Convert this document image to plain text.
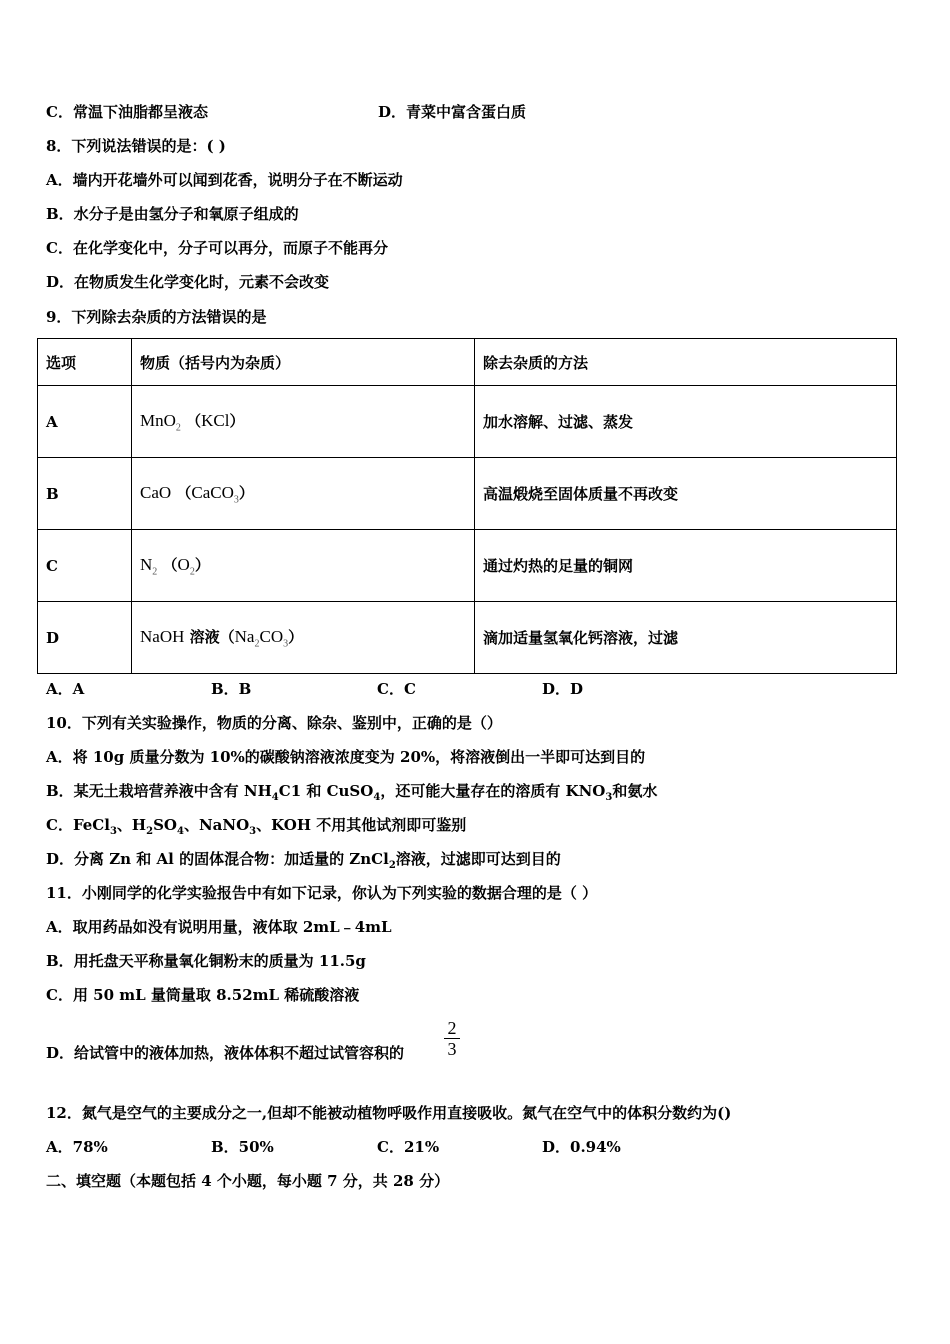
C．常温下油脂都呈液态	D．青菜中富含蛋白质
8．下列说法错误的是：( )
A．墙内开花墙外可以闻到花香，说明分子在不断运动
B．水分子是由氢分子和氧原子组成的
C．在化学变化中，分子可以再分，而原子不能再分
D．在物质发生化学变化时，元素不会改变
9．下列除去杂质的方法错误的是
选项	物质（括号内为杂质）	除去杂质的方法
A	MnO$_2$ （KCl）	加水溶解、过滤、蒸发
B	CaO （CaCO$_3$）	高温煅烧至固体质量不再改变
C	$N_2$ $(O_2)$	通过灼热的足量的铜网
D	NaOH 溶液$(Na_2CO_3)$	滴加适量氢氧化钙溶液，过滤
A．A	B．B	C．C	D．D
10．下列有关实验操作，物质的分离、除杂、鉴别中，正确的是（）
A．将 10g 质量分数为 10%的碳酸钠溶液浓度变为 20%，将溶液倒出一半即可达到目的
B．某无土栽培营养液中含有 $NH_4C1$ 和 CuSO$_4$，还可能大量存在的溶质有 $KNO_3$和氨水
C．FeCl$_3$、$H_2SO_4$、NaNO$_3$、KOH 不用其他试剂即可鉴别
D．分离 Zn 和 Al 的固体混合物：加适量的 ZnCl$_2$溶液，过滤即可达到目的
11．小刚同学的化学实验报告中有如下记录，你认为下列实验的数据合理的是（ ）
A．取用药品如没有说明用量，液体取 2mL﹣4mL
B．用托盘天平称量氧化铜粉末的质量为 11.5g
C．用 50 mL 量筒量取 8.52mL 稀硫酸溶液
D．给试管中的液体加热，液体体积不超过试管容积的 $\frac{2}{3}$
12．氮气是空气的主要成分之一,但却不能被动植物呼吸作用直接吸收。氮气在空气中的体积分数约为()
A．78%	B．50%	C．21%	D．0.94%
二、填空题（本题包括 4 个小题，每小题 7 分，共 28 分）
